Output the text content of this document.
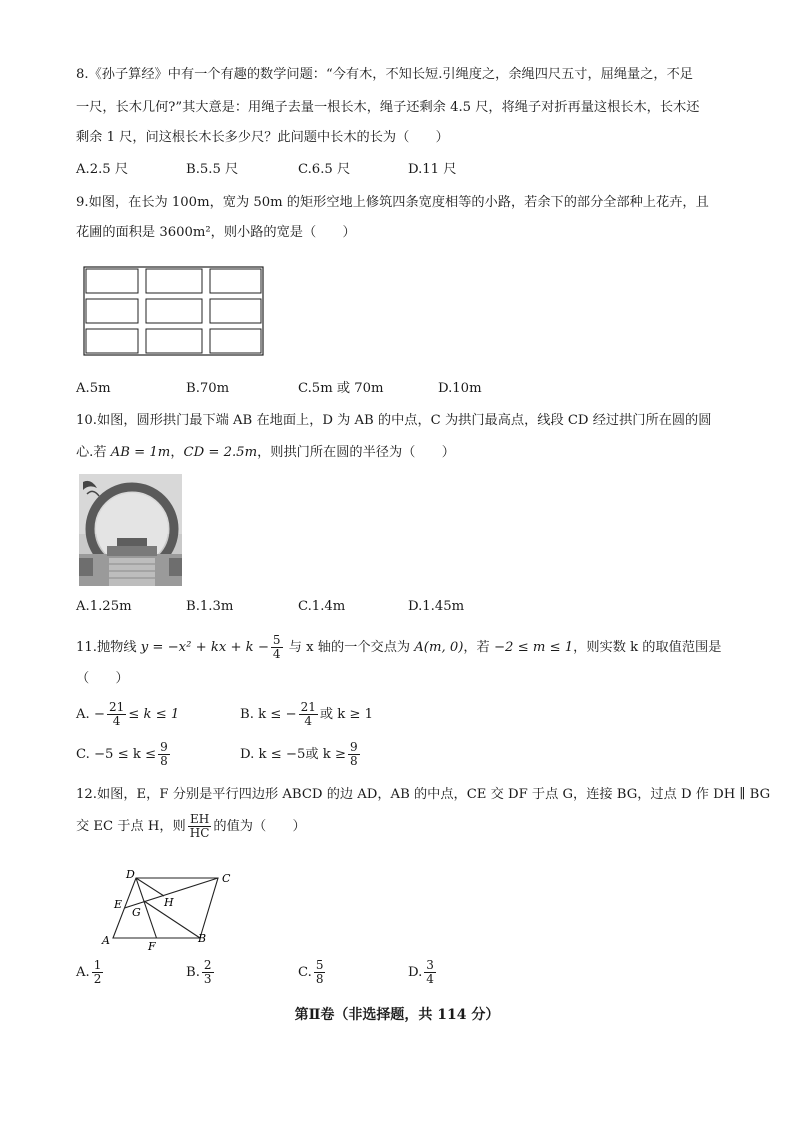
8.《孙子算经》中有一个有趣的数学问题：“今有木，不知长短.引绳度之，余绳四尺五寸，屈绳量之，不足
一尺，长木几何?”其大意是：用绳子去量一根长木，绳子还剩余 4.5 尺，将绳子对折再量这根长木，长木还
剩余 1 尺，问这根长木长多少尺？此问题中长木的长为（　　）
A.2.5 尺	B.5.5 尺	C.6.5 尺	D.11 尺
9.如图，在长为 100m，宽为 50m 的矩形空地上修筑四条宽度相等的小路，若余下的部分全部种上花卉，且
花圃的面积是 3600m²，则小路的宽是（　　）
A.5m	B.70m	C.5m 或 70m	D.10m
10.如图，圆形拱门最下端 AB 在地面上，D 为 AB 的中点，C 为拱门最高点，线段 CD 经过拱门所在圆的圆
心.若 AB = 1m，CD = 2.5m，则拱门所在圆的半径为（　　）
A.1.25m	B.1.3m	C.1.4m	D.1.45m
11.抛物线 y = −x² + kx + $k - \frac{5}{4}$ 与 x 轴的一个交点为 A(m, 0)，若 −2 ≤ m ≤ 1，则实数 k 的取值范围是
（　　）
A. − $\frac{21}{4} \le k \le 1$	B. k ≤ − $\frac{21}{4}$ 或 k ≥ 1
C. $-5 \le k \le \frac{9}{8}$	D. k ≤ −5或 $k \ge \frac{9}{8}$
12.如图，E，F 分别是平行四边形 ABCD 的边 AD，AB 的中点，CE 交 DF 于点 G，连接 BG，过点 D 作 DH ∥ BG
交 EC 于点 H，则 $\frac{EH}{HC}$ 的值为（　　）
A	B
C
D
E
F
G
H
A. $\frac{1}{2}$	B. $\frac{2}{3}$	C. $\frac{5}{8}$	D. $\frac{3}{4}$
第Ⅱ卷（非选择题，共 114 分）
